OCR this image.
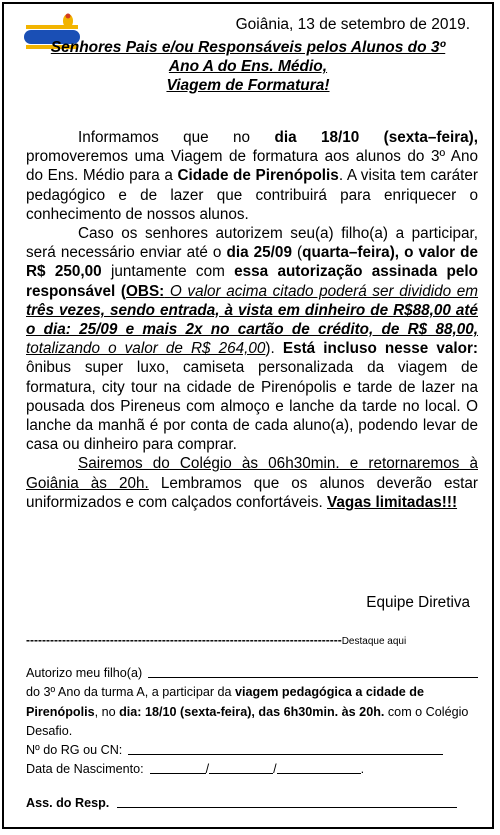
Goiânia, 13 de setembro de 2019.
Senhores Pais e/ou Responsáveis pelos Alunos do 3º
Ano A do Ens. Médio,
Viagem de Formatura!

Informamos que no dia 18/10 (sexta–feira), promoveremos uma Viagem de formatura aos alunos do 3º Ano do Ens. Médio para a Cidade de Pirenópolis. A visita tem caráter pedagógico e de lazer que contribuirá para enriquecer o conhecimento de nossos alunos.

Caso os senhores autorizem seu(a) filho(a) a participar, será necessário enviar até o dia 25/09 (quarta–feira), o valor de R$ 250,00 juntamente com essa autorização assinada pelo responsável (OBS: O valor acima citado poderá ser dividido em três vezes, sendo entrada, à vista em dinheiro de R$88,00 até o dia: 25/09 e mais 2x no cartão de crédito, de R$ 88,00, totalizando o valor de R$ 264,00). Está incluso nesse valor: ônibus super luxo, camiseta personalizada da viagem de formatura, city tour na cidade de Pirenópolis e tarde de lazer na pousada dos Pireneus com almoço e lanche da tarde no local. O lanche da manhã é por conta de cada aluno(a), podendo levar de casa ou dinheiro para comprar.

Sairemos do Colégio às 06h30min. e retornaremos à Goiânia às 20h. Lembramos que os alunos deverão estar uniformizados e com calçados confortáveis. Vagas limitadas!!!

Equipe Diretiva
-------------------------------------------------------------------------------Destaque aqui
Autorizo meu filho(a)
do 3º Ano da turma A, a participar da viagem pedagógica a cidade de Pirenópolis, no dia: 18/10 (sexta-feira), das 6h30min. às 20h. com o Colégio Desafio.
Nº do RG ou CN:
Data de Nascimento:	/	/	.
Ass. do Resp.
